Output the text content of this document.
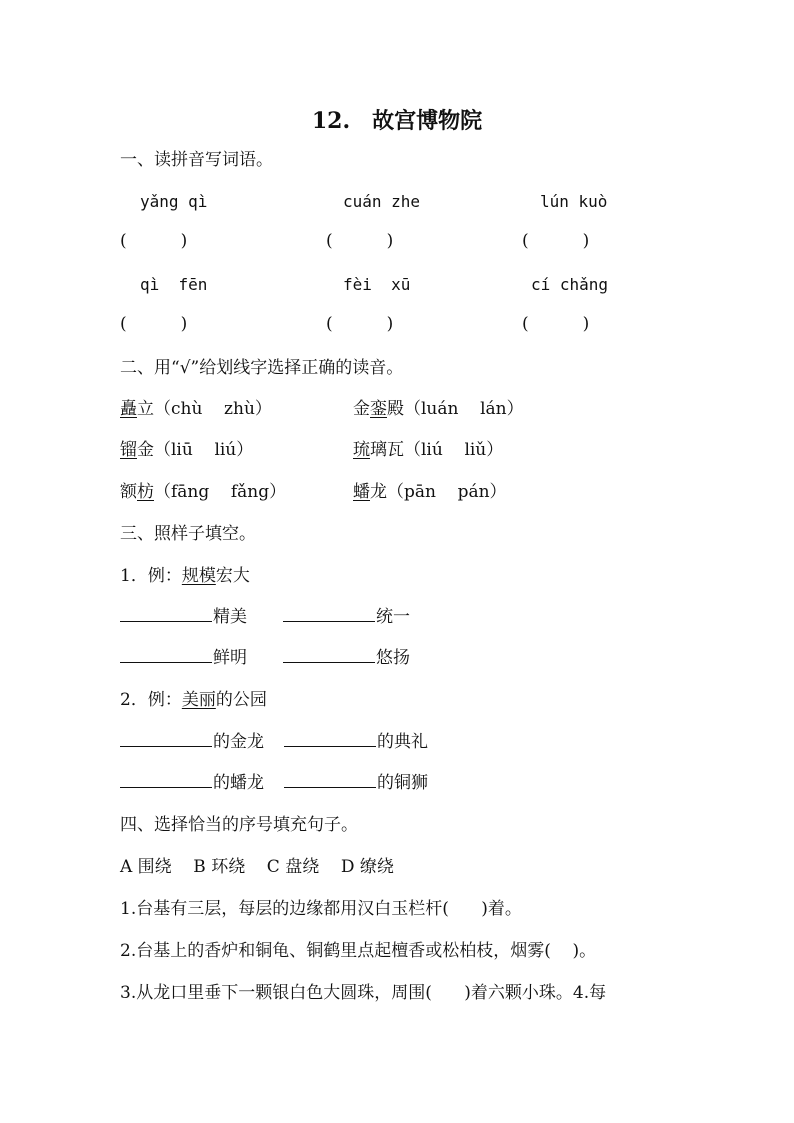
12.　故宫博物院
一、读拼音写词语。
yǎng qì	cuán zhe	lún kuò
(          )	(          )	(          )
qì  fēn	fèi  xū	cí chǎng
(          )	(          )	(          )
二、用“√”给划线字选择正确的读音。
矗立（chù    zhù）	金銮殿（luán    lán）
镏金（liū    liú）	琉璃瓦（liú    liǔ）
额枋（fāng    fǎng）	蟠龙（pān    pán）
三、照样子填空。
1．例：规模宏大
精美	统一
鲜明	悠扬
2．例：美丽的公园
的金龙	的典礼
的蟠龙	的铜狮
四、选择恰当的序号填充句子。
A 围绕    B 环绕    C 盘绕    D 缭绕
1.台基有三层，每层的边缘都用汉白玉栏杆(      )着。
2.台基上的香炉和铜龟、铜鹤里点起檀香或松柏枝，烟雾(    )。
3.从龙口里垂下一颗银白色大圆珠，周围(      )着六颗小珠。4.每
